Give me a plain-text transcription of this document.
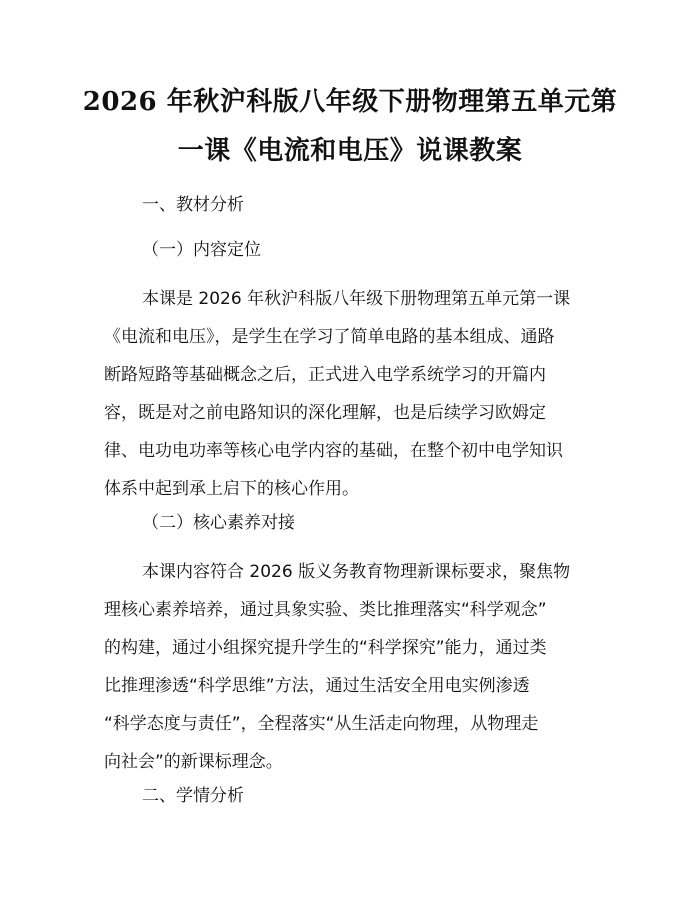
2026 年秋沪科版八年级下册物理第五单元第
一课《电流和电压》说课教案
一、教材分析
（一）内容定位
本课是 2026 年秋沪科版八年级下册物理第五单元第一课
《电流和电压》，是学生在学习了简单电路的基本组成、通路
断路短路等基础概念之后，正式进入电学系统学习的开篇内
容，既是对之前电路知识的深化理解，也是后续学习欧姆定
律、电功电功率等核心电学内容的基础，在整个初中电学知识
体系中起到承上启下的核心作用。
（二）核心素养对接
本课内容符合 2026 版义务教育物理新课标要求，聚焦物
理核心素养培养，通过具象实验、类比推理落实“科学观念”
的构建，通过小组探究提升学生的“科学探究”能力，通过类
比推理渗透“科学思维”方法，通过生活安全用电实例渗透
“科学态度与责任”，全程落实“从生活走向物理，从物理走
向社会”的新课标理念。
二、学情分析
